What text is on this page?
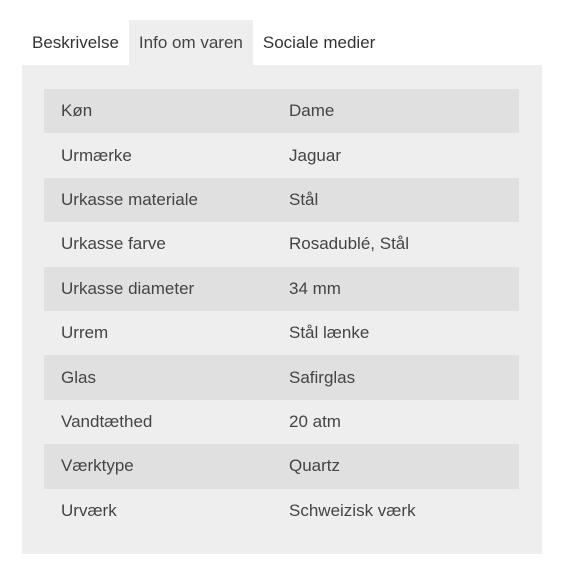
Beskrivelse	Info om varen	Sociale medier
Køn	Dame
Urmærke	Jaguar
Urkasse materiale	Stål
Urkasse farve	Rosadublé, Stål
Urkasse diameter	34 mm
Urrem	Stål lænke
Glas	Safirglas
Vandtæthed	20 atm
Værktype	Quartz
Urværk	Schweizisk værk
